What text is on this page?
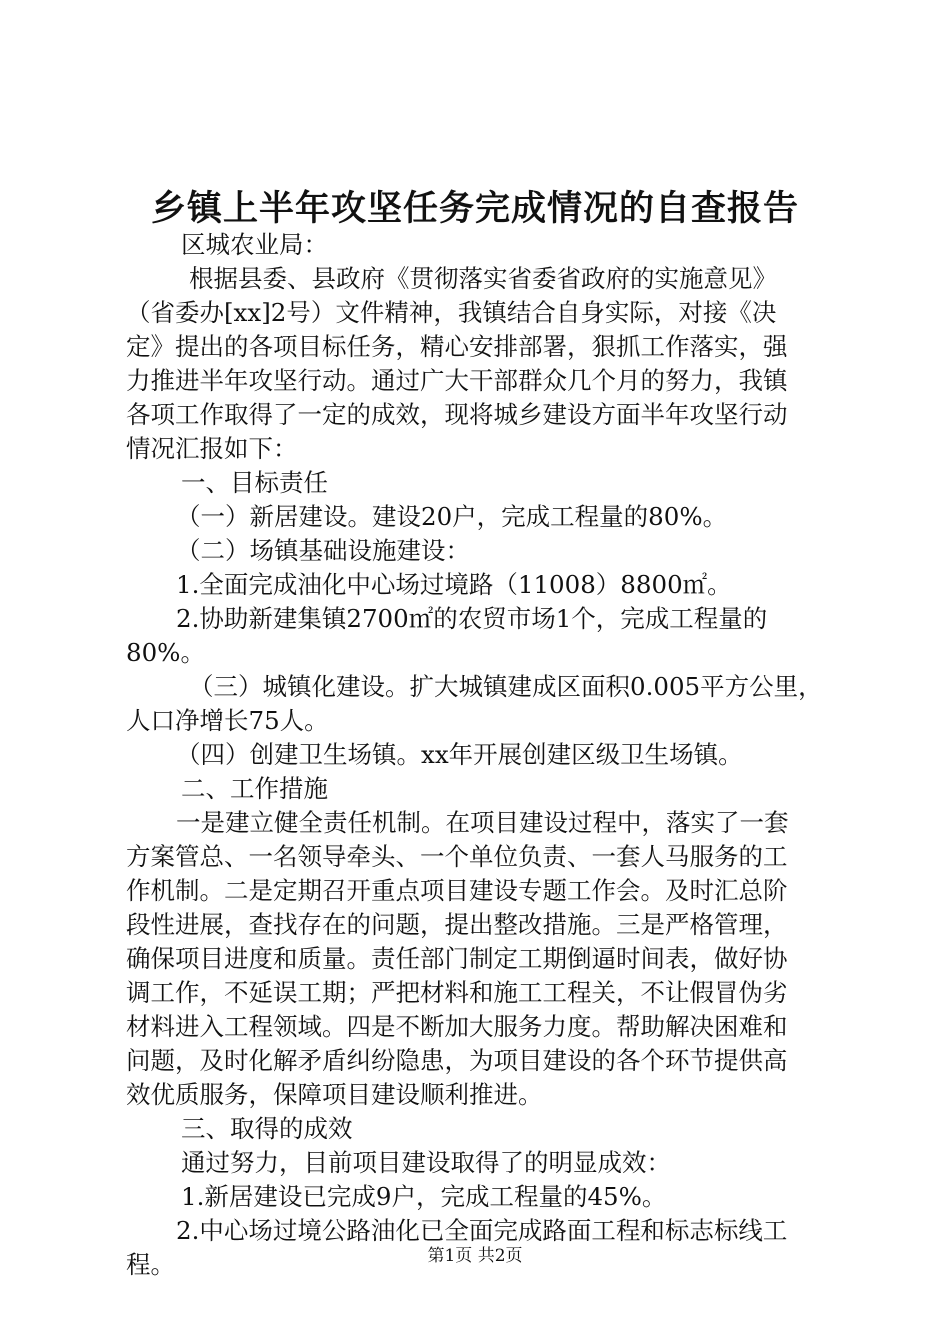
乡镇上半年攻坚任务完成情况的自查报告
区城农业局：
根据县委、县政府《贯彻落实省委省政府的实施意见》
（省委办[xx]2号）文件精神，我镇结合自身实际，对接《决
定》提出的各项目标任务，精心安排部署，狠抓工作落实，强
力推进半年攻坚行动。通过广大干部群众几个月的努力，我镇
各项工作取得了一定的成效，现将城乡建设方面半年攻坚行动
情况汇报如下：
一、目标责任
（一）新居建设。建设20户，完成工程量的80%。
（二）场镇基础设施建设：
1.全面完成油化中心场过境路（11008）8800㎡。
2.协助新建集镇2700㎡的农贸市场1个，完成工程量的
80%。
（三）城镇化建设。扩大城镇建成区面积0.005平方公里，
人口净增长75人。
（四）创建卫生场镇。xx年开展创建区级卫生场镇。
二、工作措施
一是建立健全责任机制。在项目建设过程中，落实了一套
方案管总、一名领导牵头、一个单位负责、一套人马服务的工
作机制。二是定期召开重点项目建设专题工作会。及时汇总阶
段性进展，查找存在的问题，提出整改措施。三是严格管理，
确保项目进度和质量。责任部门制定工期倒逼时间表，做好协
调工作，不延误工期；严把材料和施工工程关，不让假冒伪劣
材料进入工程领域。四是不断加大服务力度。帮助解决困难和
问题，及时化解矛盾纠纷隐患，为项目建设的各个环节提供高
效优质服务，保障项目建设顺利推进。
三、取得的成效
通过努力，目前项目建设取得了的明显成效：
1.新居建设已完成9户，完成工程量的45%。
2.中心场过境公路油化已全面完成路面工程和标志标线工
程。	第1页 共2页
